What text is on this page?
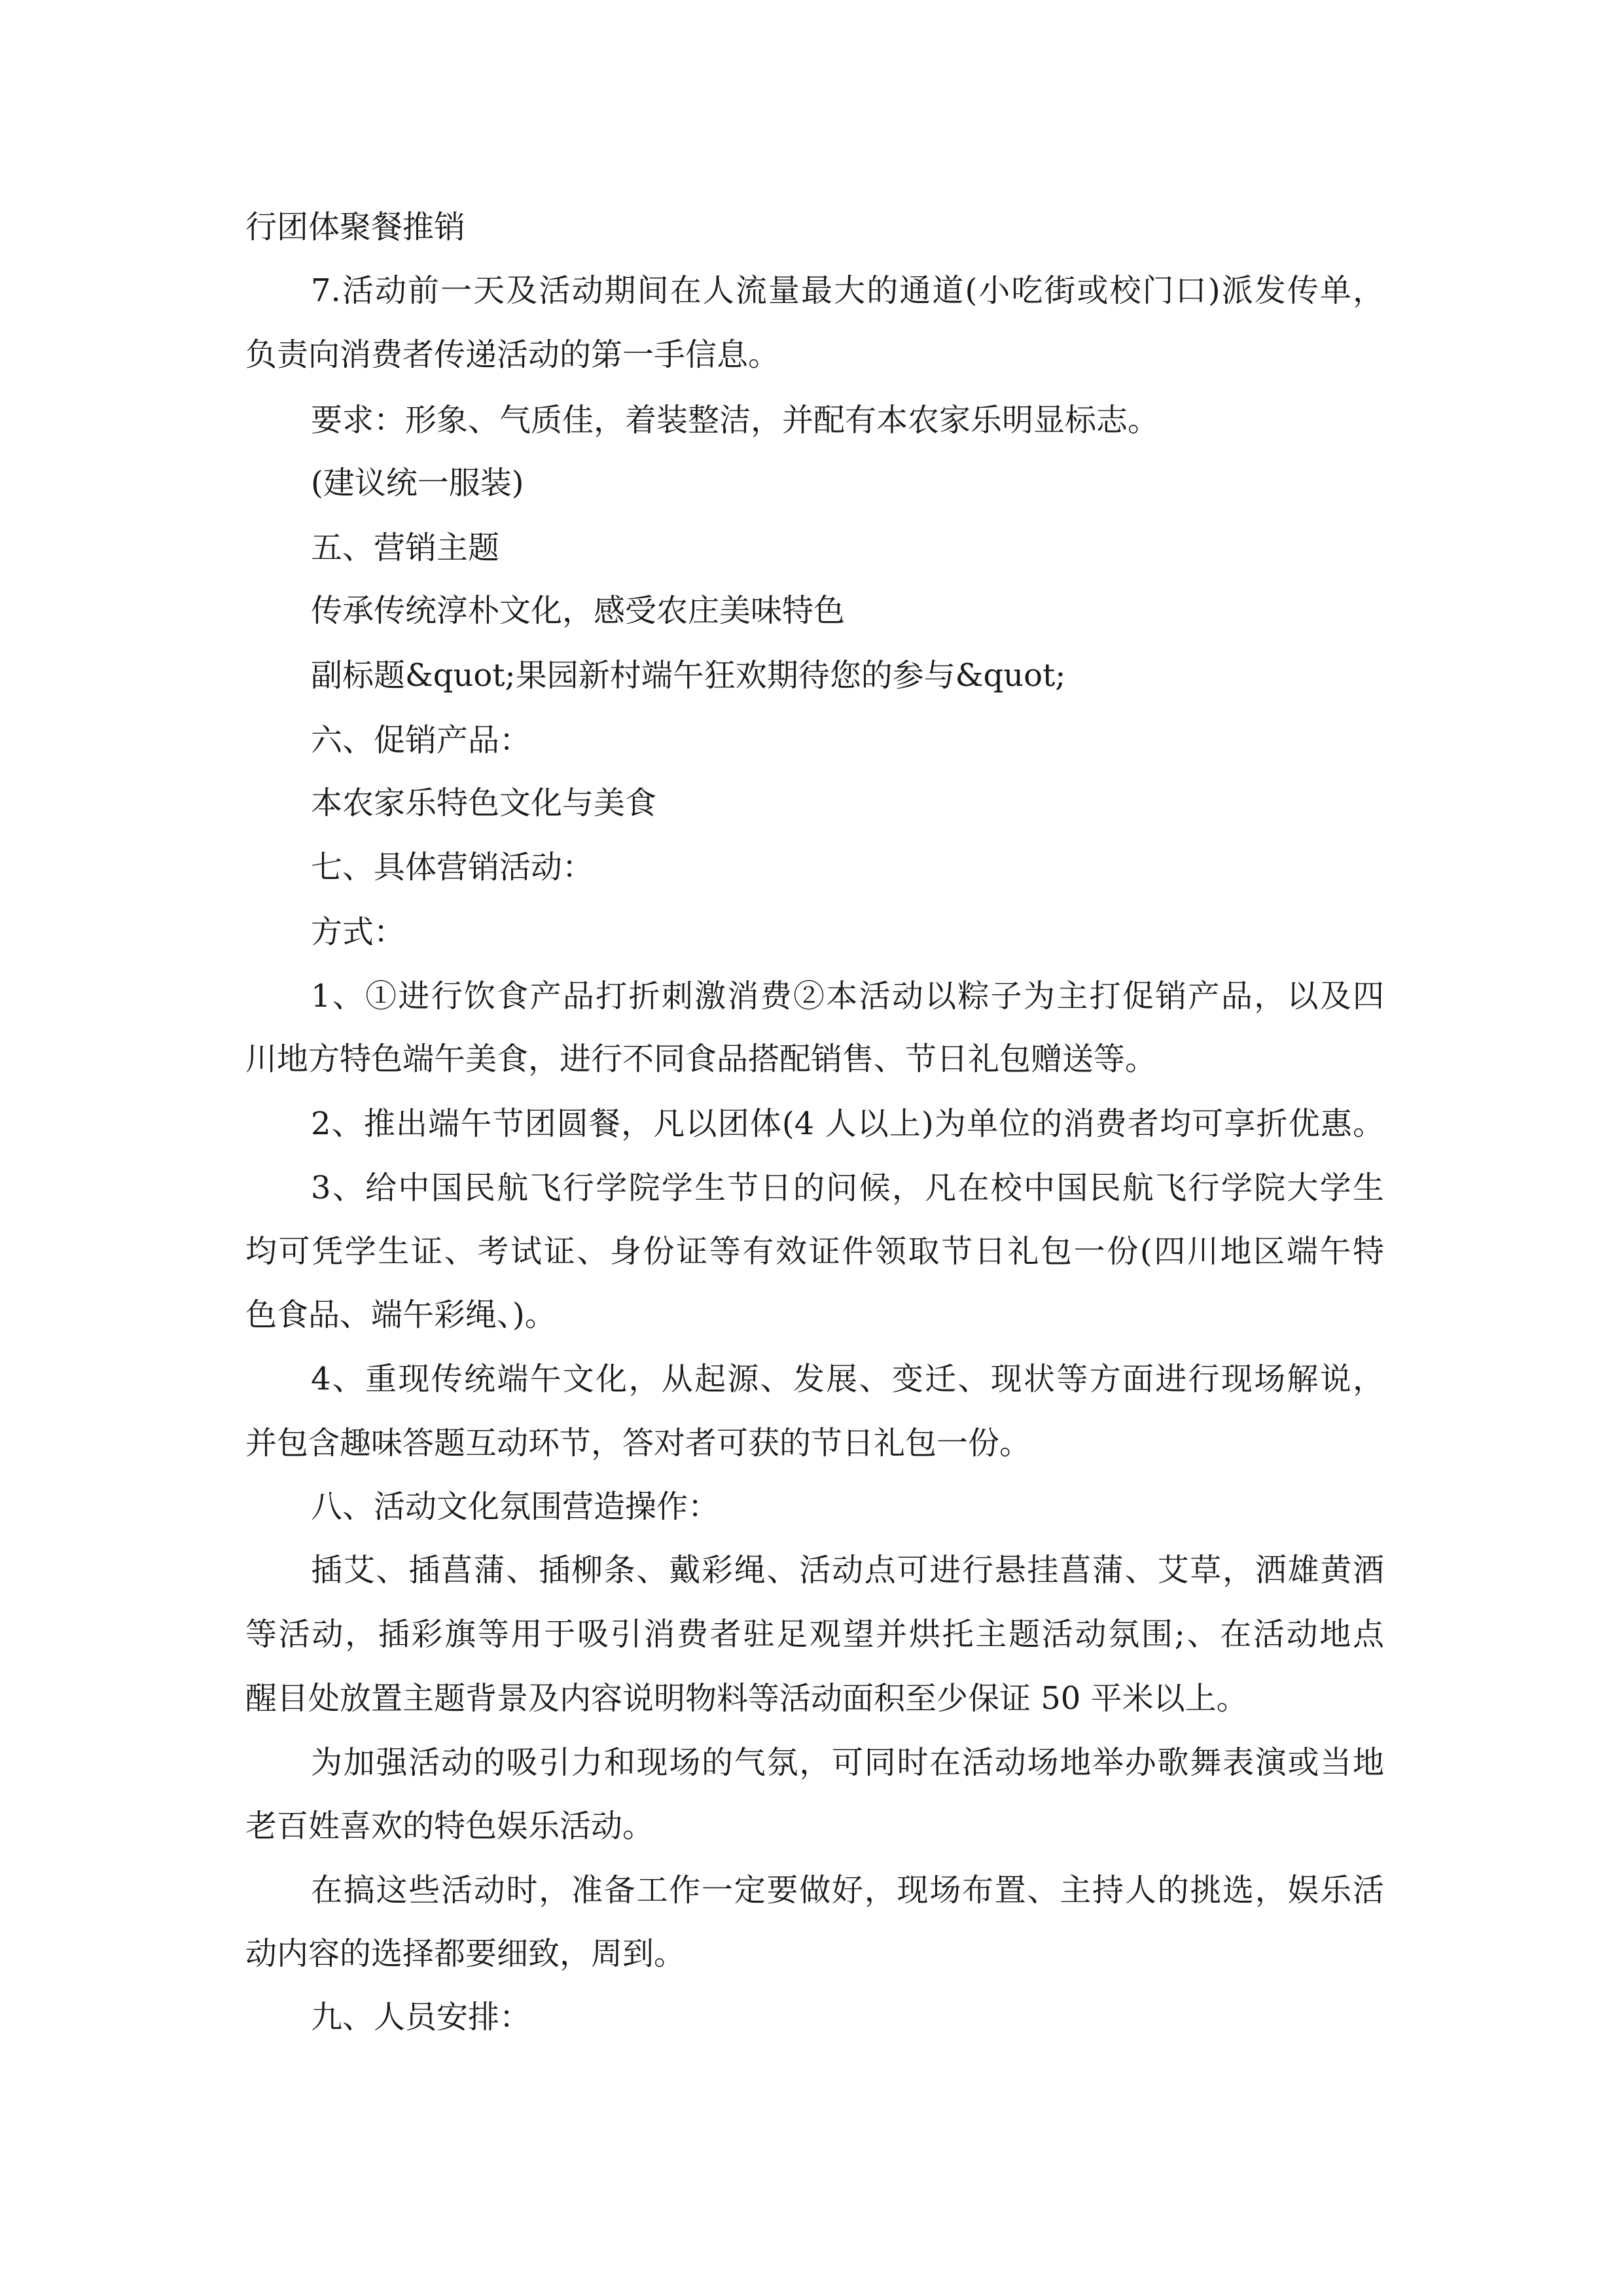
行团体聚餐推销
7.活动前一天及活动期间在人流量最大的通道(小吃街或校门口)派发传单，
负责向消费者传递活动的第一手信息。
要求：形象、气质佳，着装整洁，并配有本农家乐明显标志。
(建议统一服装)
五、营销主题
传承传统淳朴文化，感受农庄美味特色
副标题&quot;果园新村端午狂欢期待您的参与&quot;
六、促销产品：
本农家乐特色文化与美食
七、具体营销活动：
方式：
1、①进行饮食产品打折刺激消费②本活动以粽子为主打促销产品，以及四
川地方特色端午美食，进行不同食品搭配销售、节日礼包赠送等。
2、推出端午节团圆餐，凡以团体(4 人以上)为单位的消费者均可享折优惠。
3、给中国民航飞行学院学生节日的问候，凡在校中国民航飞行学院大学生
均可凭学生证、考试证、身份证等有效证件领取节日礼包一份(四川地区端午特
色食品、端午彩绳、)。
4、重现传统端午文化，从起源、发展、变迁、现状等方面进行现场解说，
并包含趣味答题互动环节，答对者可获的节日礼包一份。
八、活动文化氛围营造操作：
插艾、插菖蒲、插柳条、戴彩绳、活动点可进行悬挂菖蒲、艾草，洒雄黄酒
等活动，插彩旗等用于吸引消费者驻足观望并烘托主题活动氛围;、在活动地点
醒目处放置主题背景及内容说明物料等活动面积至少保证 50 平米以上。
为加强活动的吸引力和现场的气氛，可同时在活动场地举办歌舞表演或当地
老百姓喜欢的特色娱乐活动。
在搞这些活动时，准备工作一定要做好，现场布置、主持人的挑选，娱乐活
动内容的选择都要细致，周到。
九、人员安排：
